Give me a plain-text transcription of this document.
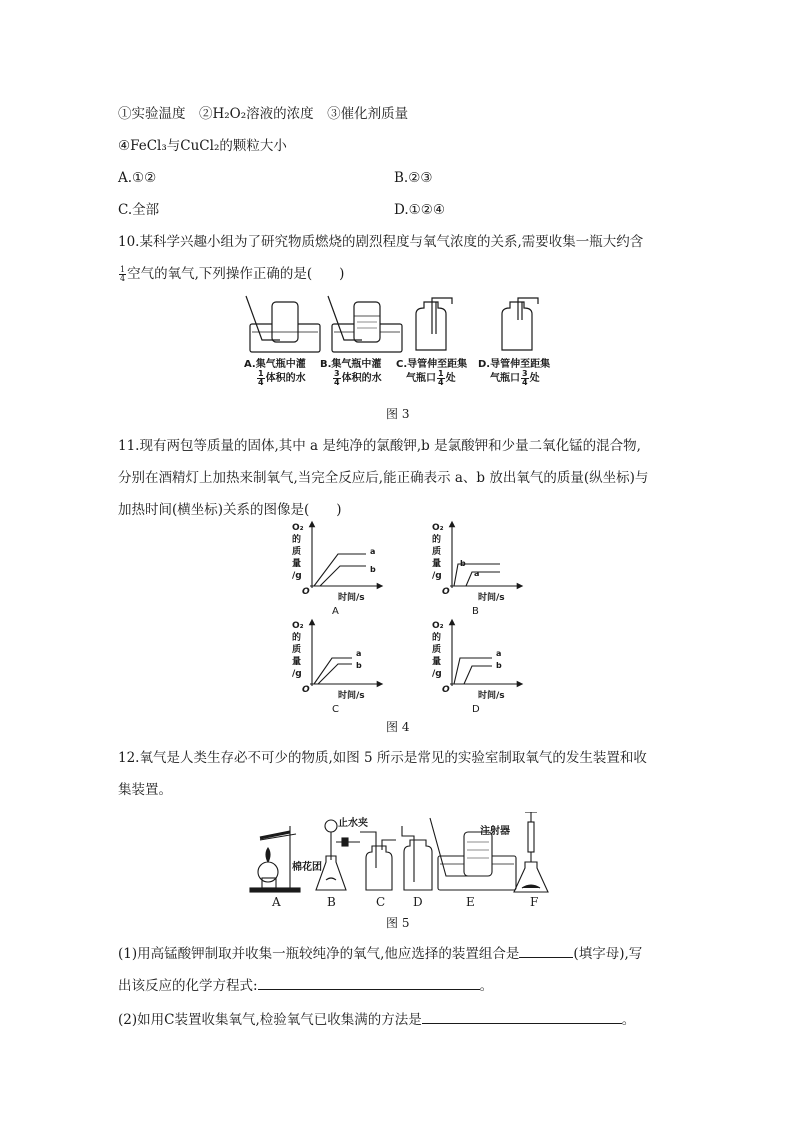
①实验温度　②H₂O₂溶液的浓度　③催化剂质量
④FeCl₃与CuCl₂的颗粒大小
A.①②	B.②③
C.全部	D.①②④
10.某科学兴趣小组为了研究物质燃烧的剧烈程度与氧气浓度的关系,需要收集一瓶大约含
$\frac{1}{4}$ 空气的氧气,下列操作正确的是(　　)
A.集气瓶中灌
$\frac{1}{4}$ 体积的水
B.集气瓶中灌
$\frac{3}{4}$ 体积的水
C.导管伸至距集
气瓶口 $\frac{1}{4}$ 处
D.导管伸至距集
气瓶口 $\frac{3}{4}$ 处
图 3
11.现有两包等质量的固体,其中 a 是纯净的氯酸钾,b 是氯酸钾和少量二氧化锰的混合物,
分别在酒精灯上加热来制氧气,当完全反应后,能正确表示 a、b 放出氧气的质量(纵坐标)与
加热时间(横坐标)关系的图像是(　　)
O₂
的
质
量
/g
O
时间/s
a
b
A
O₂
的
质
量
/g
O
时间/s
a
b
B
O₂
的
质
量
/g
O
时间/s
a
b
C
O₂
的
质
量
/g
O
时间/s
a
b
D
图 4
12.氧气是人类生存必不可少的物质,如图 5 所示是常见的实验室制取氧气的发生装置和收
集装置。
止水夹
棉花团
注射器
A	B	C D	E	F
图 5
(1)用高锰酸钾制取并收集一瓶较纯净的氧气,他应选择的装置组合是	(填字母),写
出该反应的化学方程式:	。
(2)如用C装置收集氧气,检验氧气已收集满的方法是	。
